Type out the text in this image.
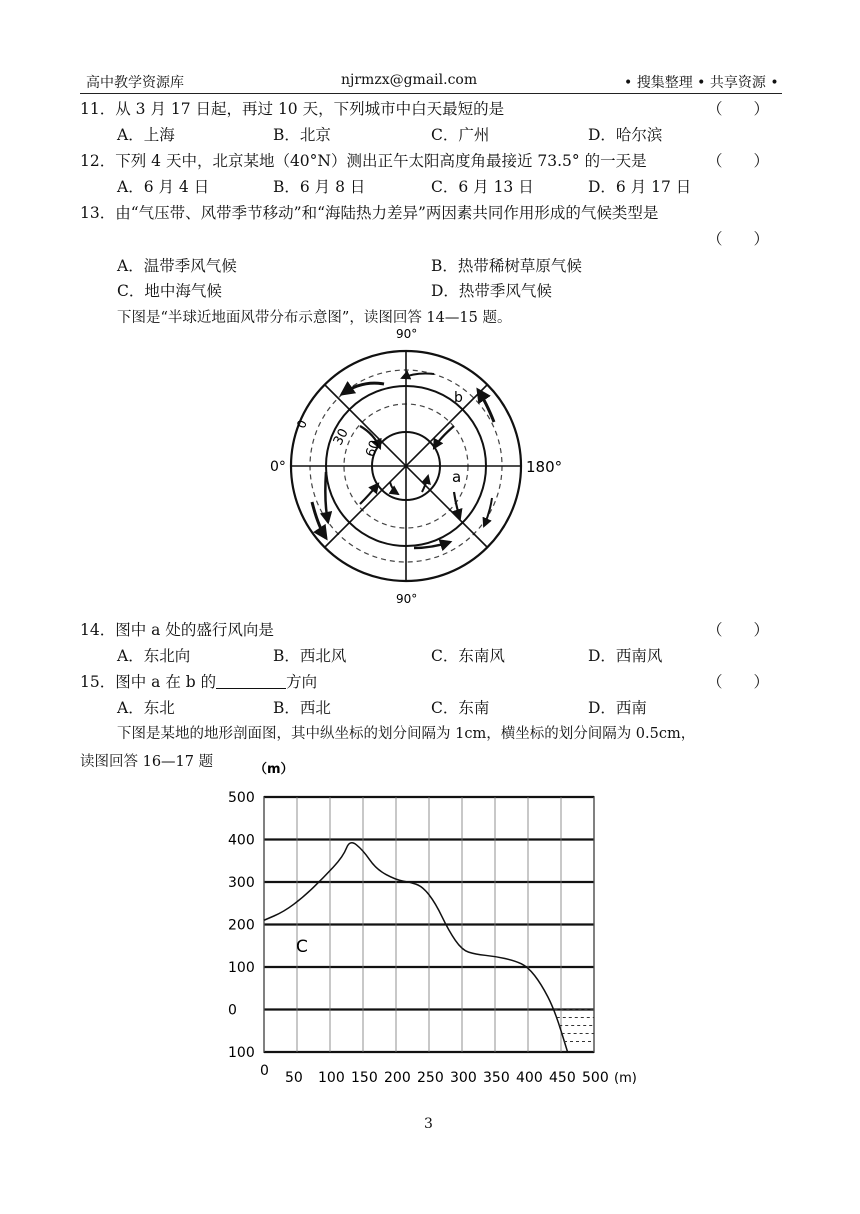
高中教学资源库	njrmzx@gmail.com	• 搜集整理 • 共享资源 •
11．从 3 月 17 日起，再过 10 天，下列城市中白天最短的是	（　　）
A．上海	B．北京	C．广州	D．哈尔滨
12．下列 4 天中，北京某地（40°N）测出正午太阳高度角最接近 73.5° 的一天是	（　　）
A．6 月 4 日	B．6 月 8 日	C．6 月 13 日	D．6 月 17 日
13．由“气压带、风带季节移动”和“海陆热力差异”两因素共同作用形成的气候类型是
（　　）
A．温带季风气候	B．热带稀树草原气候
C．地中海气候	D．热带季风气候
下图是“半球近地面风带分布示意图”，读图回答 14—15 题。
90°
90°
0°	180°
0
30
60
a
b
14．图中 a 处的盛行风向是	（　　）
A．东北向	B．西北风	C．东南风	D．西南风
15．图中 a 在 b 的	方向	（　　）
A．东北	B．西北	C．东南	D．西南
下图是某地的地形剖面图，其中纵坐标的划分间隔为 1cm，横坐标的划分间隔为 0.5cm，
读图回答 16—17 题
500
400
300
200
100
0
100
0 50 100 150 200 250 300 350 400 450 500 (m)
（m）
C
3
